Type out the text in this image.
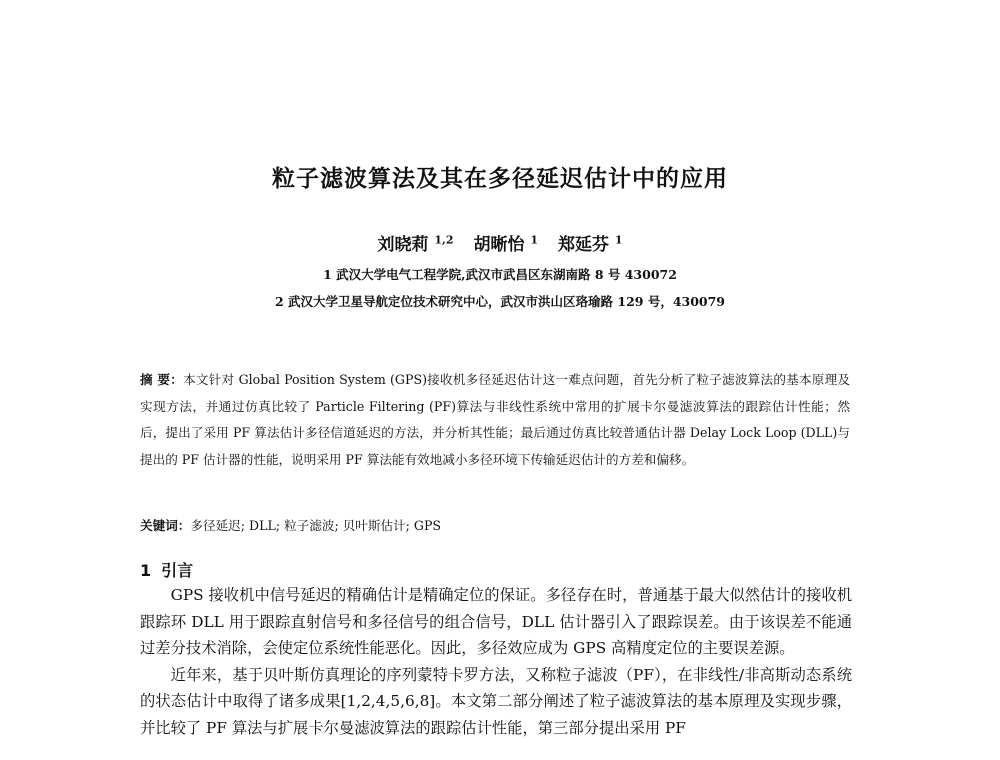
粒子滤波算法及其在多径延迟估计中的应用
刘晓莉 $^{1,2}$ 胡晰怡 $^1$ 郑延芬 $^1$
1 武汉大学电气工程学院,武汉市武昌区东湖南路 8 号 430072
2 武汉大学卫星导航定位技术研究中心，武汉市洪山区珞瑜路 129 号，430079
摘 要：本文针对 Global Position System (GPS)接收机多径延迟估计这一难点问题，首先分析了粒子滤波算法的基本原理及实现方法，并通过仿真比较了 Particle Filtering (PF)算法与非线性系统中常用的扩展卡尔曼滤波算法的跟踪估计性能；然后，提出了采用 PF 算法估计多径信道延迟的方法，并分析其性能；最后通过仿真比较普通估计器 Delay Lock Loop (DLL)与提出的 PF 估计器的性能，说明采用 PF 算法能有效地减小多径环境下传输延迟估计的方差和偏移。
关键词：多径延迟; DLL; 粒子滤波; 贝叶斯估计; GPS
1 引言

GPS 接收机中信号延迟的精确估计是精确定位的保证。多径存在时，普通基于最大似然估计的接收机跟踪环 DLL 用于跟踪直射信号和多径信号的组合信号，DLL 估计器引入了跟踪误差。由于该误差不能通过差分技术消除，会使定位系统性能恶化。因此，多径效应成为 GPS 高精度定位的主要误差源。

近年来，基于贝叶斯仿真理论的序列蒙特卡罗方法，又称粒子滤波（PF），在非线性/非高斯动态系统的状态估计中取得了诸多成果[1,2,4,5,6,8]。本文第二部分阐述了粒子滤波算法的基本原理及实现步骤，并比较了 PF 算法与扩展卡尔曼滤波算法的跟踪估计性能，第三部分提出采用 PF
